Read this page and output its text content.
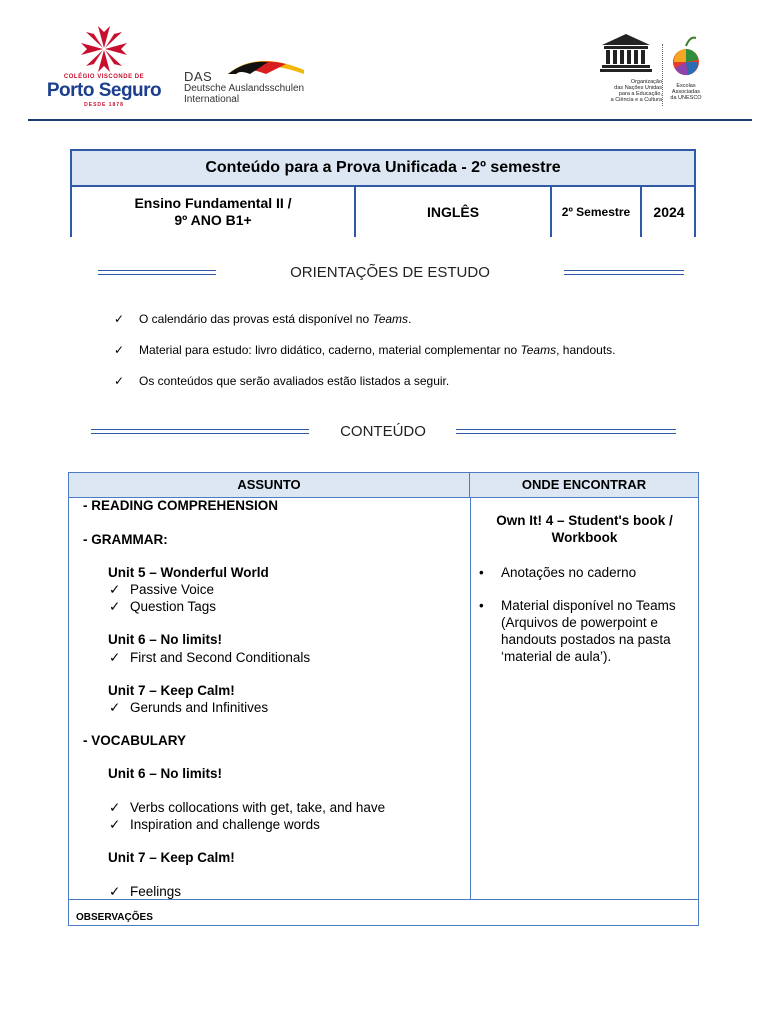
COLÉGIO VISCONDE DE
Porto Seguro
DESDE 1878
DAS
Deutsche Auslandsschulen
International
Organização
das Nações Unidas
para a Educação,
a Ciência e a Cultura
Escolas
Associadas
da UNESCO
Conteúdo para a Prova Unificada - 2º semestre
Ensino Fundamental II /
9º ANO B1+	INGLÊS	2º Semestre	2024
ORIENTAÇÕES DE ESTUDO
✓ O calendário das provas está disponível no Teams.
✓ Material para estudo: livro didático, caderno, material complementar no Teams, handouts.
✓ Os conteúdos que serão avaliados estão listados a seguir.
CONTEÚDO
ASSUNTO	ONDE ENCONTRAR
- READING COMPREHENSION
- GRAMMAR:
Unit 5 – Wonderful World
✓ Passive Voice
✓ Question Tags
Unit 6 – No limits!
✓ First and Second Conditionals
Unit 7 – Keep Calm!
✓ Gerunds and Infinitives
- VOCABULARY
Unit 6 – No limits!
✓ Verbs collocations with get, take, and have
✓ Inspiration and challenge words
Unit 7 – Keep Calm!
✓ Feelings
Own It! 4 – Student's book / Workbook
• Anotações no caderno
• Material disponível no Teams (Arquivos de powerpoint e handouts postados na pasta ‘material de aula’).
OBSERVAÇÕES
